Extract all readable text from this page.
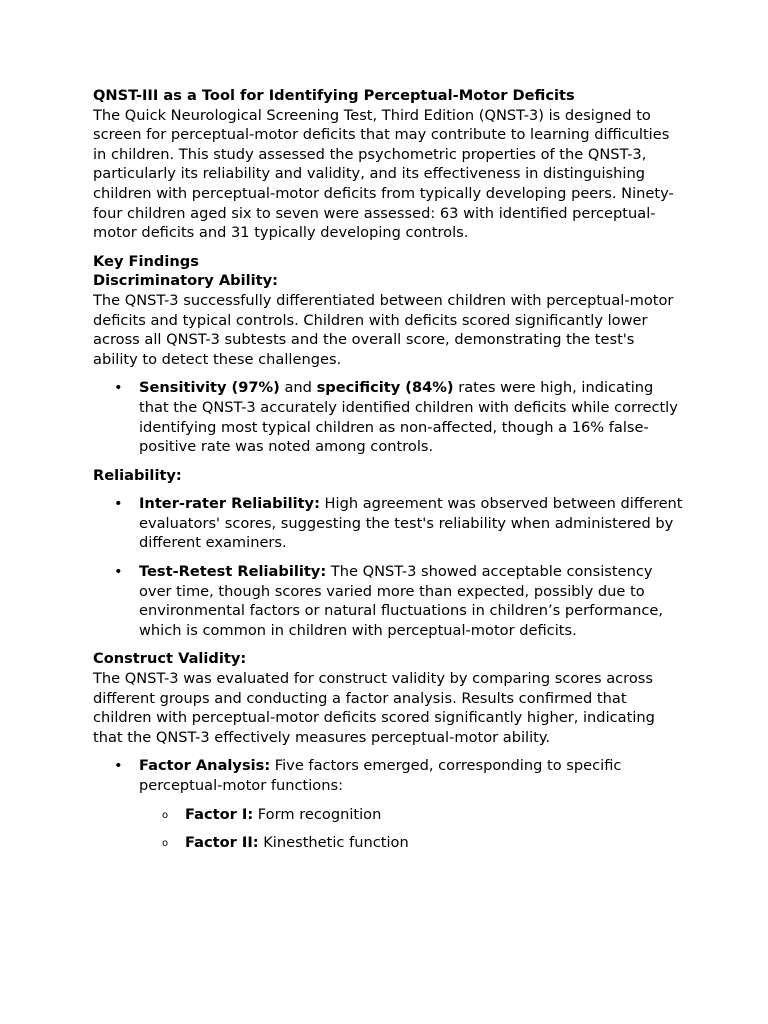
QNST-III as a Tool for Identifying Perceptual-Motor Deficits

The Quick Neurological Screening Test, Third Edition (QNST-3) is designed to screen for perceptual-motor deficits that may contribute to learning difficulties in children. This study assessed the psychometric properties of the QNST-3, particularly its reliability and validity, and its effectiveness in distinguishing children with perceptual-motor deficits from typically developing peers. Ninety-four children aged six to seven were assessed: 63 with identified perceptual-motor deficits and 31 typically developing controls.

Key Findings

Discriminatory Ability:

The QNST-3 successfully differentiated between children with perceptual-motor deficits and typical controls. Children with deficits scored significantly lower across all QNST-3 subtests and the overall score, demonstrating the test's ability to detect these challenges.

• Sensitivity (97%) and specificity (84%) rates were high, indicating that the QNST-3 accurately identified children with deficits while correctly identifying most typical children as non-affected, though a 16% false-positive rate was noted among controls.

Reliability:

• Inter-rater Reliability: High agreement was observed between different evaluators' scores, suggesting the test's reliability when administered by different examiners.
• Test-Retest Reliability: The QNST-3 showed acceptable consistency over time, though scores varied more than expected, possibly due to environmental factors or natural fluctuations in children’s performance, which is common in children with perceptual-motor deficits.

Construct Validity:

The QNST-3 was evaluated for construct validity by comparing scores across different groups and conducting a factor analysis. Results confirmed that children with perceptual-motor deficits scored significantly higher, indicating that the QNST-3 effectively measures perceptual-motor ability.

• Factor Analysis: Five factors emerged, corresponding to specific perceptual-motor functions:
o Factor I: Form recognition
o Factor II: Kinesthetic function
